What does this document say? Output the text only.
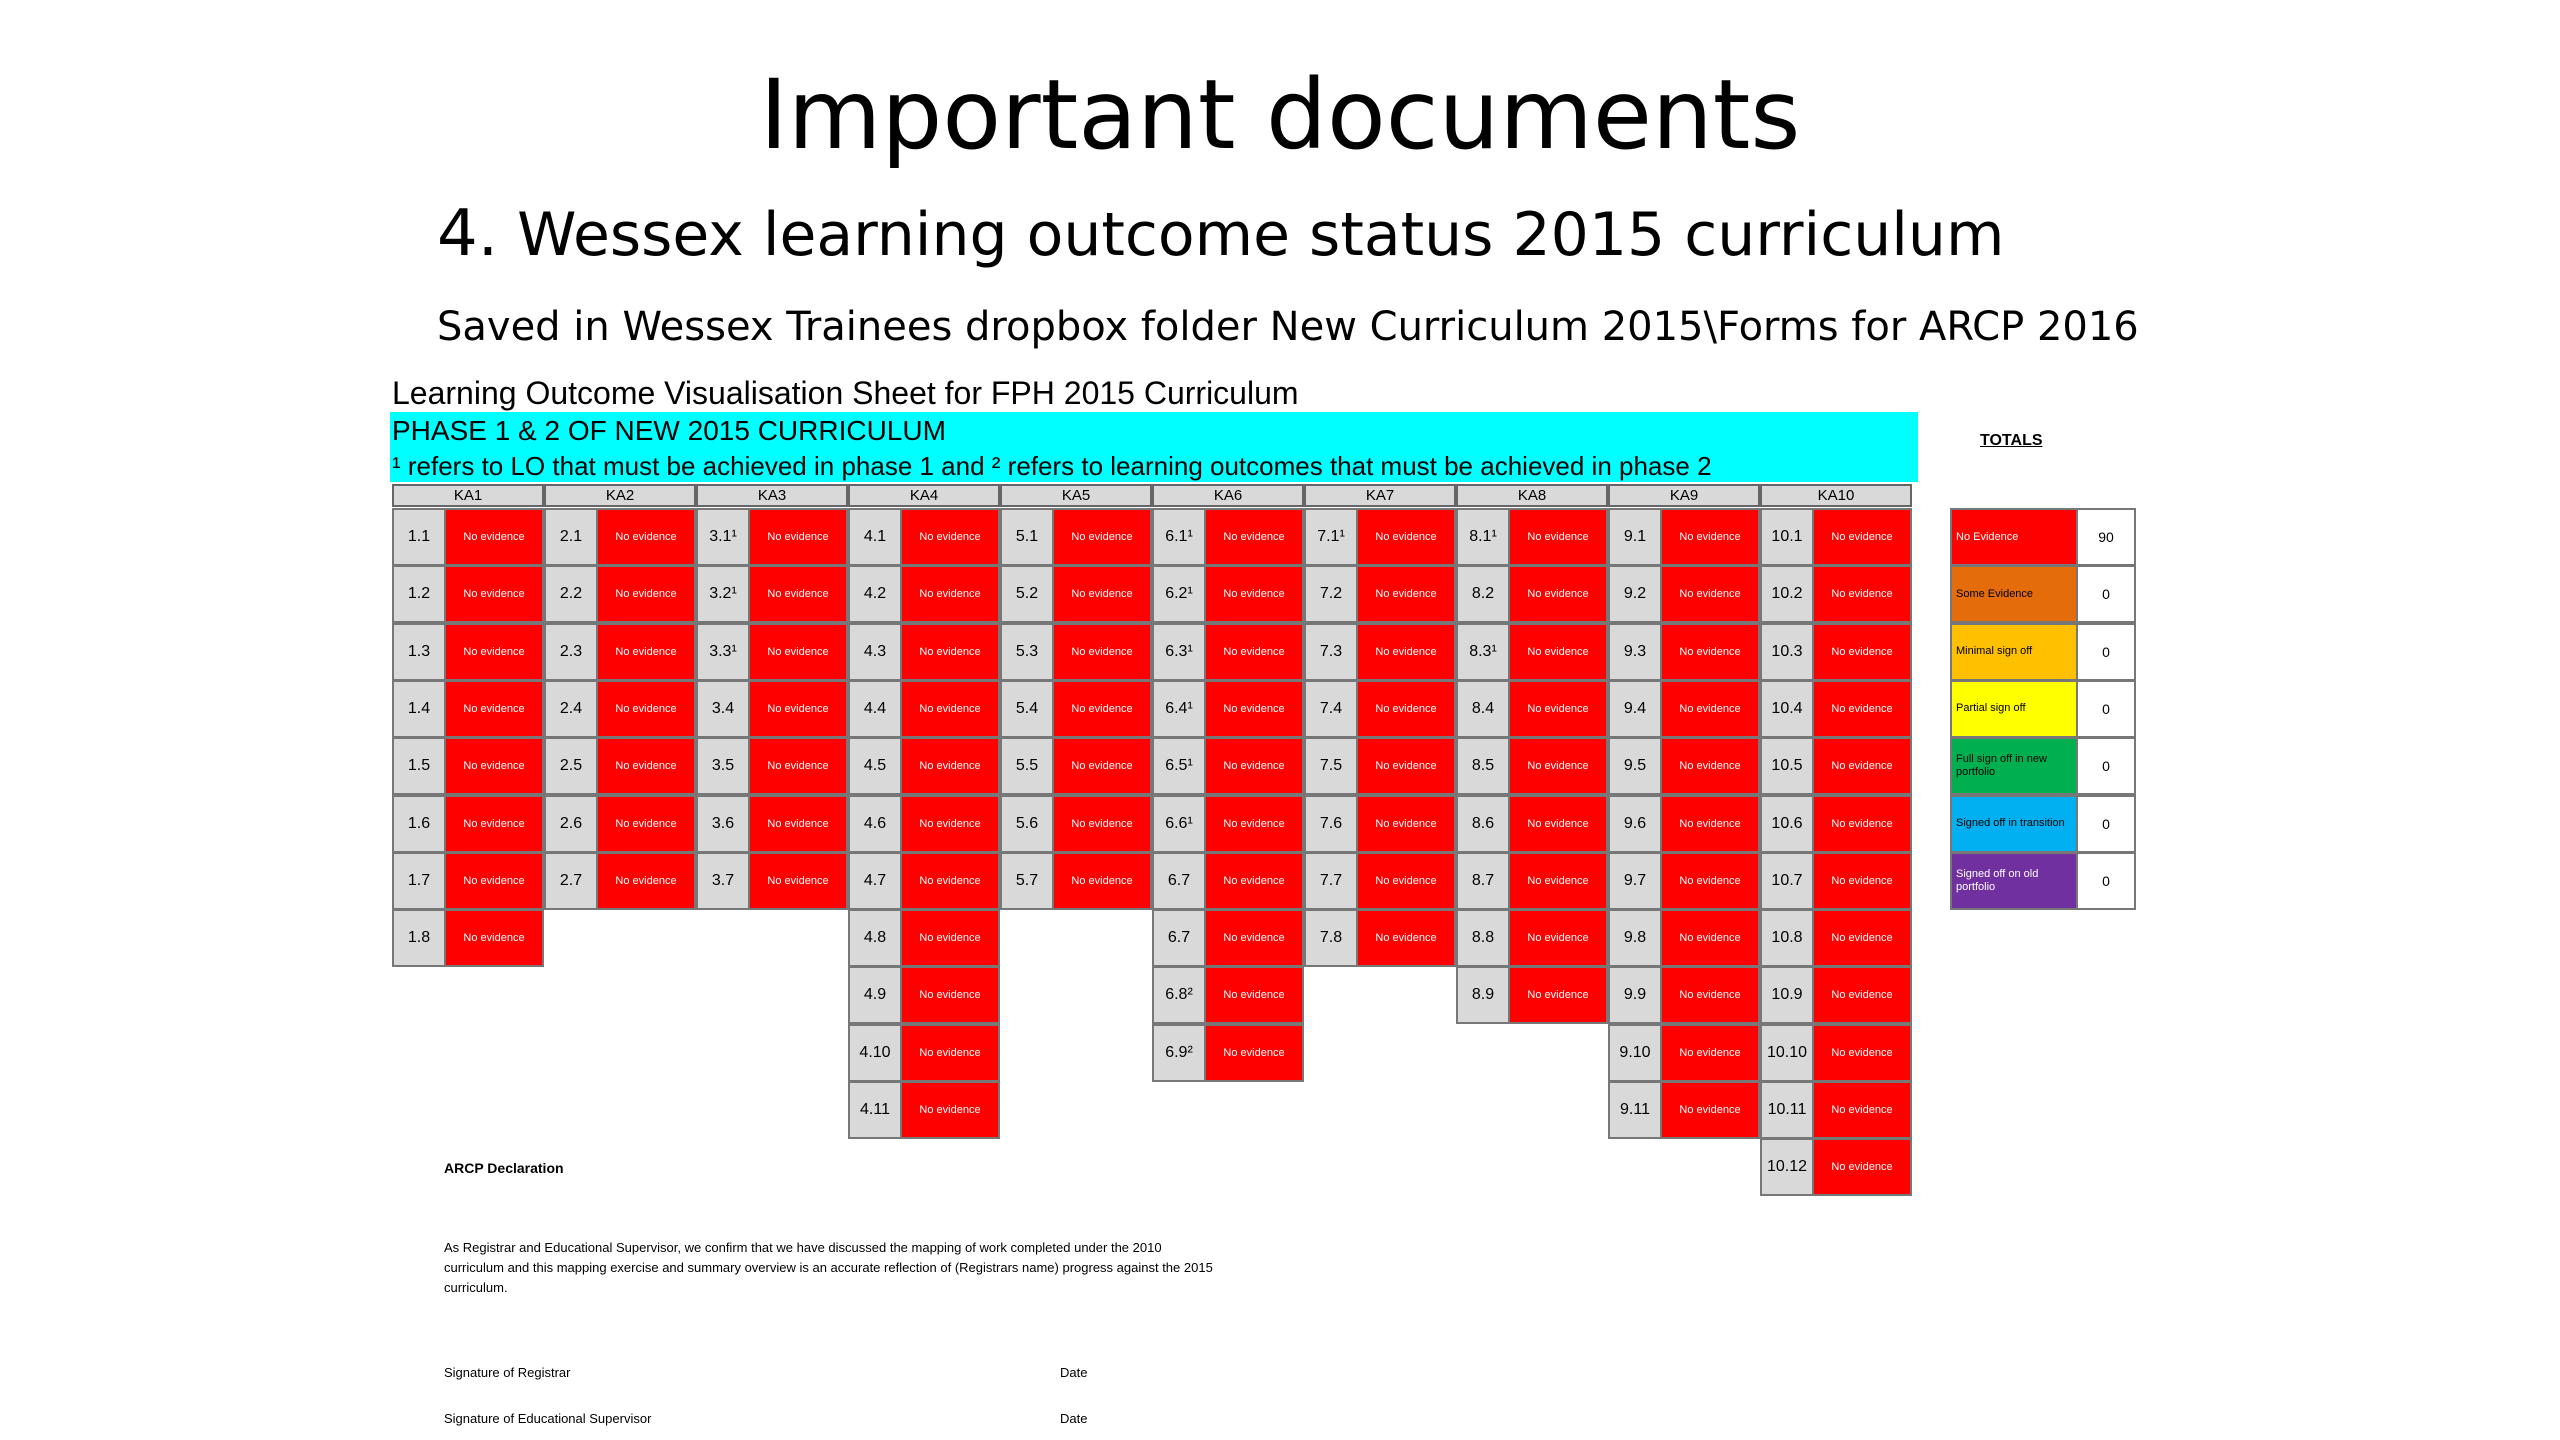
Important documents
4. Wessex learning outcome status 2015 curriculum
Saved in Wessex Trainees dropbox folder New Curriculum 2015\Forms for ARCP 2016
Learning Outcome Visualisation Sheet for FPH 2015 Curriculum
PHASE 1 & 2 OF NEW 2015 CURRICULUM
¹ refers to LO that must be achieved in phase 1 and ² refers to learning outcomes that must be achieved in phase 2
KA1
1.1	No evidence
1.2	No evidence
1.3	No evidence
1.4	No evidence
1.5	No evidence
1.6	No evidence
1.7	No evidence
1.8	No evidence
KA2
2.1	No evidence
2.2	No evidence
2.3	No evidence
2.4	No evidence
2.5	No evidence
2.6	No evidence
2.7	No evidence
KA3
3.1¹	No evidence
3.2¹	No evidence
3.3¹	No evidence
3.4	No evidence
3.5	No evidence
3.6	No evidence
3.7	No evidence
KA4
4.1	No evidence
4.2	No evidence
4.3	No evidence
4.4	No evidence
4.5	No evidence
4.6	No evidence
4.7	No evidence
4.8	No evidence
4.9	No evidence
4.10	No evidence
4.11	No evidence
KA5
5.1	No evidence
5.2	No evidence
5.3	No evidence
5.4	No evidence
5.5	No evidence
5.6	No evidence
5.7	No evidence
KA6
6.1¹	No evidence
6.2¹	No evidence
6.3¹	No evidence
6.4¹	No evidence
6.5¹	No evidence
6.6¹	No evidence
6.7	No evidence
6.7	No evidence
6.8²	No evidence
6.9²	No evidence
KA7
7.1¹	No evidence
7.2	No evidence
7.3	No evidence
7.4	No evidence
7.5	No evidence
7.6	No evidence
7.7	No evidence
7.8	No evidence
KA8
8.1¹	No evidence
8.2	No evidence
8.3¹	No evidence
8.4	No evidence
8.5	No evidence
8.6	No evidence
8.7	No evidence
8.8	No evidence
8.9	No evidence
KA9
9.1	No evidence
9.2	No evidence
9.3	No evidence
9.4	No evidence
9.5	No evidence
9.6	No evidence
9.7	No evidence
9.8	No evidence
9.9	No evidence
9.10	No evidence
9.11	No evidence
KA10
10.1	No evidence
10.2	No evidence
10.3	No evidence
10.4	No evidence
10.5	No evidence
10.6	No evidence
10.7	No evidence
10.8	No evidence
10.9	No evidence
10.10	No evidence
10.11	No evidence
10.12	No evidence
TOTALS
No Evidence	90
Some Evidence	0
Minimal sign off	0
Partial sign off	0
Full sign off in new portfolio	0
Signed off in transition	0
Signed off on old portfolio	0
ARCP Declaration
As Registrar and Educational Supervisor, we confirm that we have discussed the mapping of work completed under the 2010 curriculum and this mapping exercise and summary overview is an accurate reflection of (Registrars name) progress against the 2015 curriculum.
Signature of Registrar	Date
Signature of Educational Supervisor	Date
